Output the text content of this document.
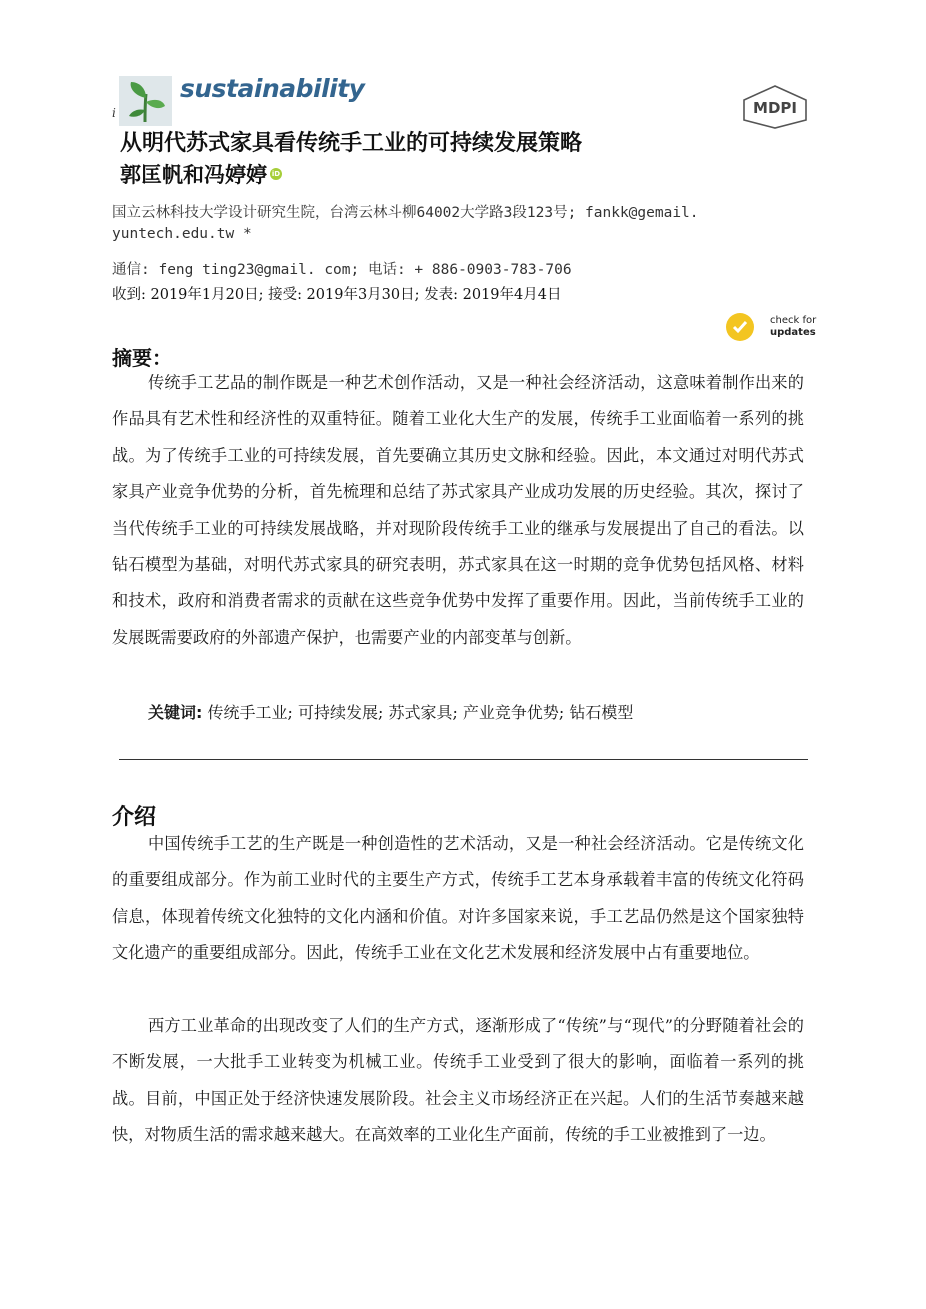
sustainability
i	MDPI
从明代苏式家具看传统手工业的可持续发展策略
郭匡帆和冯婷婷 iD
国立云林科技大学设计研究生院，台湾云林斗柳64002大学路3段123号; fankk@gemail.
yuntech.edu.tw *
通信: feng ting23@gmail. com; 电话: + 886-0903-783-706
收到: 2019年1月20日; 接受: 2019年3月30日; 发表: 2019年4月4日
check for
updates
摘要：

传统手工艺品的制作既是一种艺术创作活动，又是一种社会经济活动，这意味着制作出来的作品具有艺术性和经济性的双重特征。随着工业化大生产的发展，传统手工业面临着一系列的挑战。为了传统手工业的可持续发展，首先要确立其历史文脉和经验。因此，本文通过对明代苏式家具产业竞争优势的分析，首先梳理和总结了苏式家具产业成功发展的历史经验。其次，探讨了当代传统手工业的可持续发展战略，并对现阶段传统手工业的继承与发展提出了自己的看法。以钻石模型为基础，对明代苏式家具的研究表明，苏式家具在这一时期的竞争优势包括风格、材料和技术，政府和消费者需求的贡献在这些竞争优势中发挥了重要作用。因此，当前传统手工业的发展既需要政府的外部遗产保护，也需要产业的内部变革与创新。

关键词: 传统手工业; 可持续发展; 苏式家具; 产业竞争优势; 钻石模型
介绍

中国传统手工艺的生产既是一种创造性的艺术活动，又是一种社会经济活动。它是传统文化的重要组成部分。作为前工业时代的主要生产方式，传统手工艺本身承载着丰富的传统文化符码信息，体现着传统文化独特的文化内涵和价值。对许多国家来说，手工艺品仍然是这个国家独特文化遗产的重要组成部分。因此，传统手工业在文化艺术发展和经济发展中占有重要地位。

西方工业革命的出现改变了人们的生产方式，逐渐形成了“传统”与“现代”的分野随着社会的不断发展，一大批手工业转变为机械工业。传统手工业受到了很大的影响，面临着一系列的挑战。目前，中国正处于经济快速发展阶段。社会主义市场经济正在兴起。人们的生活节奏越来越快，对物质生活的需求越来越大。在高效率的工业化生产面前，传统的手工业被推到了一边。
